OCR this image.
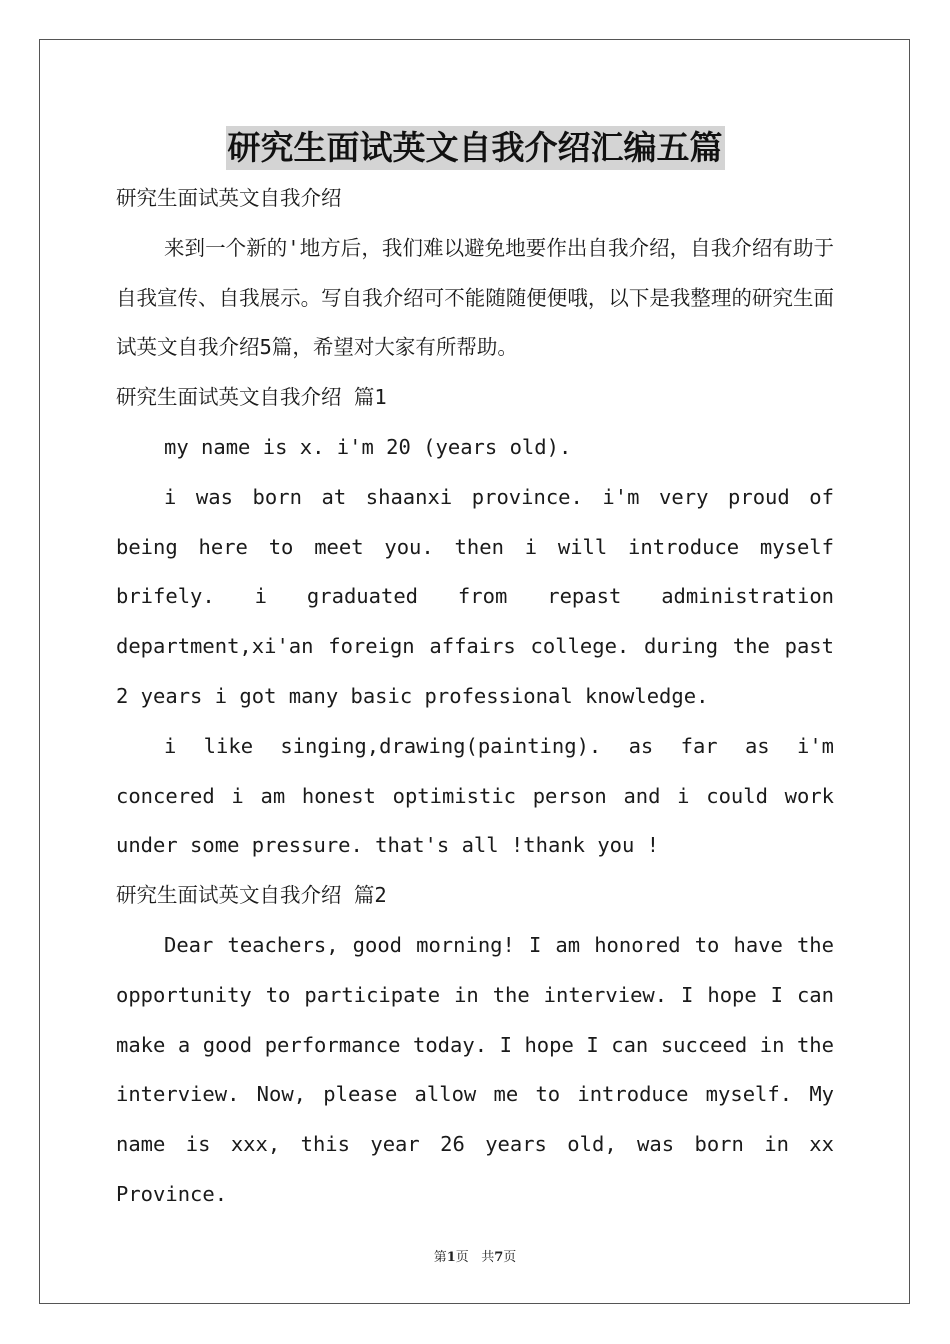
研究生面试英文自我介绍汇编五篇

研究生面试英文自我介绍

来到一个新的'地方后，我们难以避免地要作出自我介绍，自我介绍有助于自我宣传、自我展示。写自我介绍可不能随随便便哦，以下是我整理的研究生面试英文自我介绍5篇，希望对大家有所帮助。

研究生面试英文自我介绍 篇1

my name is x. i'm 20 (years old).

i was born at shaanxi province. i'm very proud of being here to meet you. then i will introduce myself brifely. i graduated from repast administration department,xi'an foreign affairs college. during the past 2 years i got many basic professional knowledge.

i like singing,drawing(painting). as far as i'm concered i am honest optimistic person and i could work under some pressure. that's all !thank you !

研究生面试英文自我介绍 篇2

Dear teachers, good morning! I am honored to have the opportunity to participate in the interview. I hope I can make a good performance today. I hope I can succeed in the interview. Now, please allow me to introduce myself. My name is xxx, this year 26 years old, was born in xx Province.

第1页 共7页
